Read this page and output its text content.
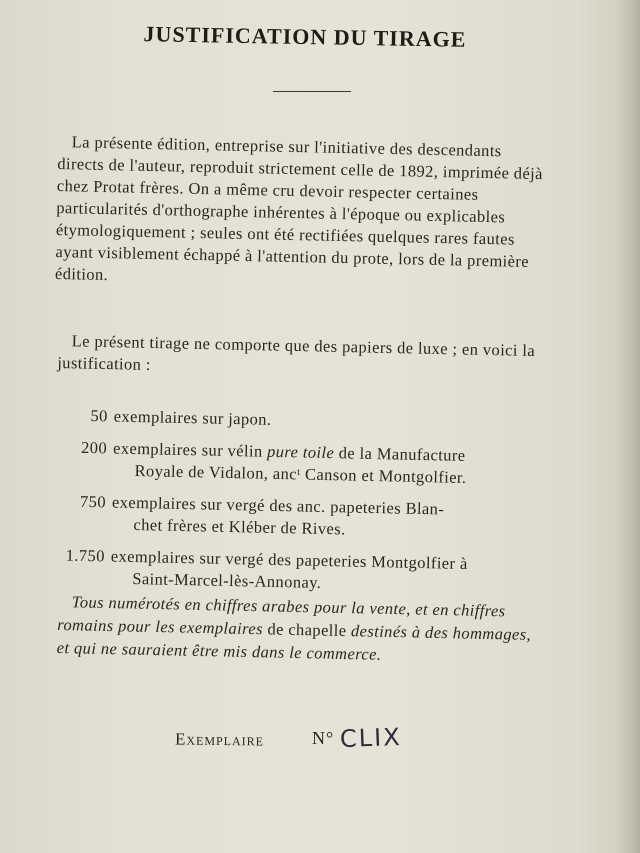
JUSTIFICATION DU TIRAGE
La présente édition, entreprise sur l'initiative des descendants directs de l'auteur, reproduit strictement celle de 1892, imprimée déjà chez Protat frères. On a même cru devoir respecter certaines particularités d'orthographe inhérentes à l'époque ou explicables étymologiquement ; seules ont été rectifiées quelques rares fautes ayant visiblement échappé à l'attention du prote, lors de la première édition.
Le présent tirage ne comporte que des papiers de luxe ; en voici la justification :
50 exemplaires sur japon.
200 exemplaires sur vélin pure toile de la Manufacture
Royale de Vidalon, ancᵗ Canson et Montgolfier.
750 exemplaires sur vergé des anc. papeteries Blan-
chet frères et Kléber de Rives.
1.750 exemplaires sur vergé des papeteries Montgolfier à
Saint-Marcel-lès-Annonay.
Tous numérotés en chiffres arabes pour la vente, et en chiffres romains pour les exemplaires de chapelle destinés à des hommages, et qui ne sauraient être mis dans le commerce.
Exemplaire	N° CLIX
